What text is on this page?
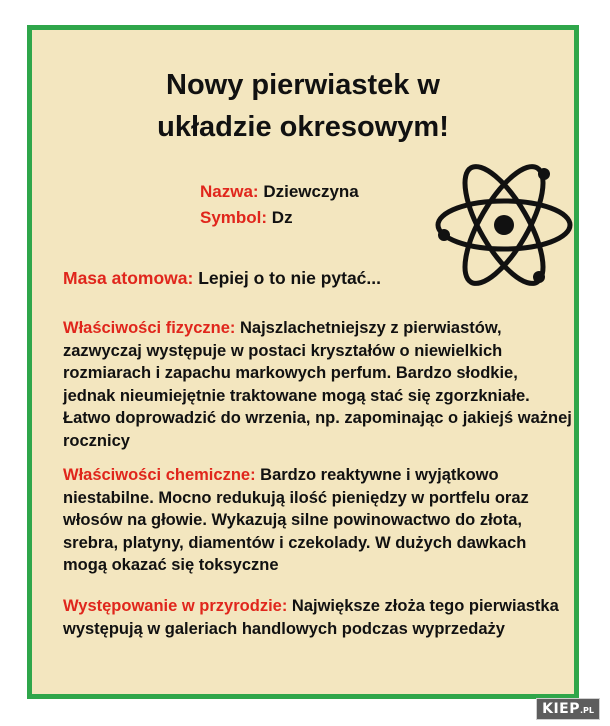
Nowy pierwiastek w
układzie okresowym!
Nazwa: Dziewczyna
Symbol: Dz
Masa atomowa: Lepiej o to nie pytać...
Właściwości fizyczne: Najszlachetniejszy z pierwiastów, zazwyczaj występuje w postaci kryształów o niewielkich rozmiarach i zapachu markowych perfum. Bardzo słodkie, jednak nieumiejętnie traktowane mogą stać się zgorzkniałe. Łatwo doprowadzić do wrzenia, np. zapominając o jakiejś ważnej rocznicy
Właściwości chemiczne: Bardzo reaktywne i wyjątkowo niestabilne. Mocno redukują ilość pieniędzy w portfelu oraz włosów na głowie. Wykazują silne powinowactwo do złota, srebra, platyny, diamentów i czekolady. W dużych dawkach mogą okazać się toksyczne
Występowanie w przyrodzie: Największe złoża tego pierwiastka występują w galeriach handlowych podczas wyprzedaży
KIEP.PL
